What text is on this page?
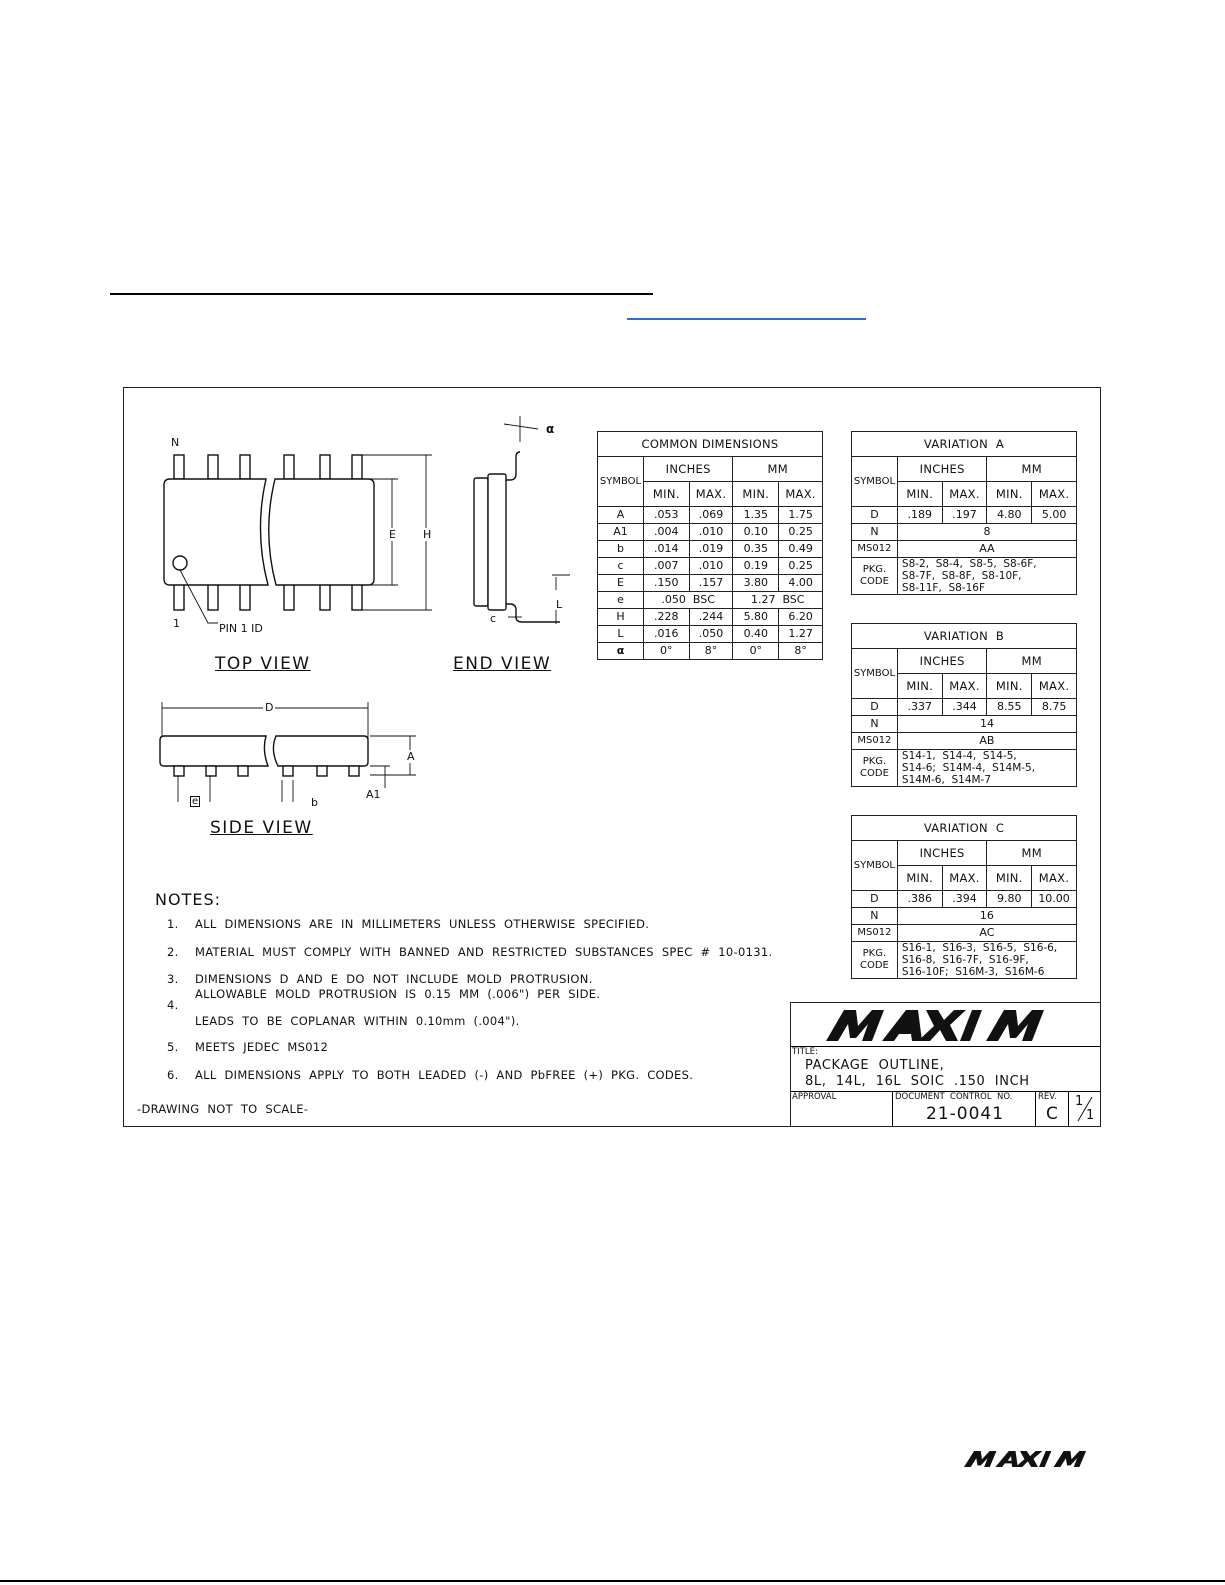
N
1	PIN 1 ID
E H
TOP VIEW
α
L
c
END VIEW
D
A
A1
e	b
SIDE VIEW
COMMON DIMENSIONS				
SYMBOL	INCHES		MM	
	MIN.	MAX.	MIN.	MAX.
A	.053	.069	1.35	1.75
A1	.004	.010	0.10	0.25
b	.014	.019	0.35	0.49
c	.007	.010	0.19	0.25
E	.150	.157	3.80	4.00
e	.050  BSC		1.27  BSC	
H	.228	.244	5.80	6.20
L	.016	.050	0.40	1.27
α	0°	8°	0°	8°
VARIATION  A				
SYMBOL	INCHES		MM	
	MIN.	MAX.	MIN.	MAX.
D	.189	.197	4.80	5.00
N	8			
MS012	AA			
PKG.
CODE	S8-2,  S8-4,  S8-5,  S8-6F,
S8-7F,  S8-8F,  S8-10F,
S8-11F,  S8-16F			
VARIATION  B				
SYMBOL	INCHES		MM	
	MIN.	MAX.	MIN.	MAX.
D	.337	.344	8.55	8.75
N	14			
MS012	AB			
PKG.
CODE	S14-1,  S14-4,  S14-5,
S14-6;  S14M-4,  S14M-5,
S14M-6,  S14M-7			
VARIATION  C				
SYMBOL	INCHES		MM	
	MIN.	MAX.	MIN.	MAX.
D	.386	.394	9.80	10.00
N	16			
MS012	AC			
PKG.
CODE	S16-1,  S16-3,  S16-5,  S16-6,
S16-8,  S16-7F,  S16-9F,
S16-10F;  S16M-3,  S16M-6			
NOTES:
1. ALL  DIMENSIONS  ARE  IN  MILLIMETERS  UNLESS  OTHERWISE  SPECIFIED.
2. MATERIAL  MUST  COMPLY  WITH  BANNED  AND  RESTRICTED  SUBSTANCES  SPEC  #  10-0131.
3. DIMENSIONS  D  AND  E  DO  NOT  INCLUDE  MOLD  PROTRUSION.
ALLOWABLE  MOLD  PROTRUSION  IS  0.15  MM  (.006")  PER  SIDE.
4.
LEADS  TO  BE  COPLANAR  WITHIN  0.10mm  (.004").
5. MEETS  JEDEC  MS012
6. ALL  DIMENSIONS  APPLY  TO  BOTH  LEADED  (-)  AND  PbFREE  (+)  PKG.  CODES.
-DRAWING  NOT  TO  SCALE-
TITLE:
PACKAGE  OUTLINE,
8L,  14L,  16L  SOIC  .150  INCH
APPROVAL	DOCUMENT  CONTROL  NO.
21-0041
REV.
C
1
1
